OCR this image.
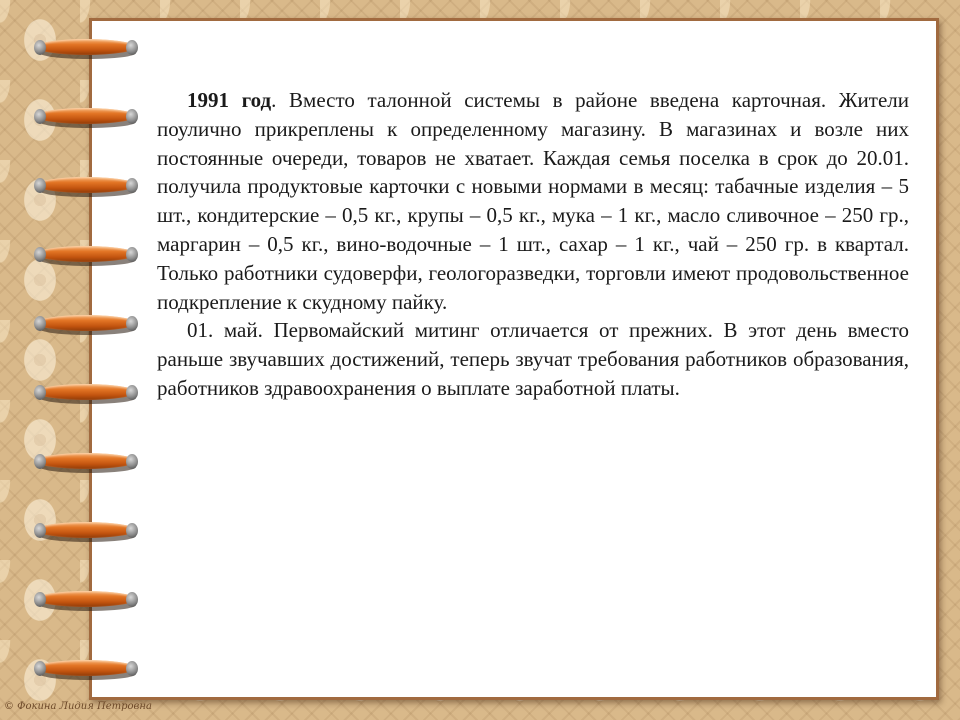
1991 год. Вместо талонной системы в районе введена карточная. Жители поулично прикреплены к определенному магазину. В магазинах и возле них постоянные очереди, товаров не хватает. Каждая семья поселка в срок до 20.01. получила продуктовые карточки с новыми нормами в месяц: табачные изделия – 5 шт., кондитерские – 0,5 кг., крупы – 0,5 кг., мука – 1 кг., масло сливочное – 250 гр., маргарин – 0,5 кг., вино-водочные – 1 шт., сахар – 1 кг., чай – 250 гр. в квартал. Только работники судоверфи, геологоразведки, торговли имеют продовольственное подкрепление к скудному пайку.

01. май. Первомайский митинг отличается от прежних. В этот день вместо раньше звучавших достижений, теперь звучат требования работников образования, работников здравоохранения о выплате заработной платы.

© Фокина Лидия Петровна
